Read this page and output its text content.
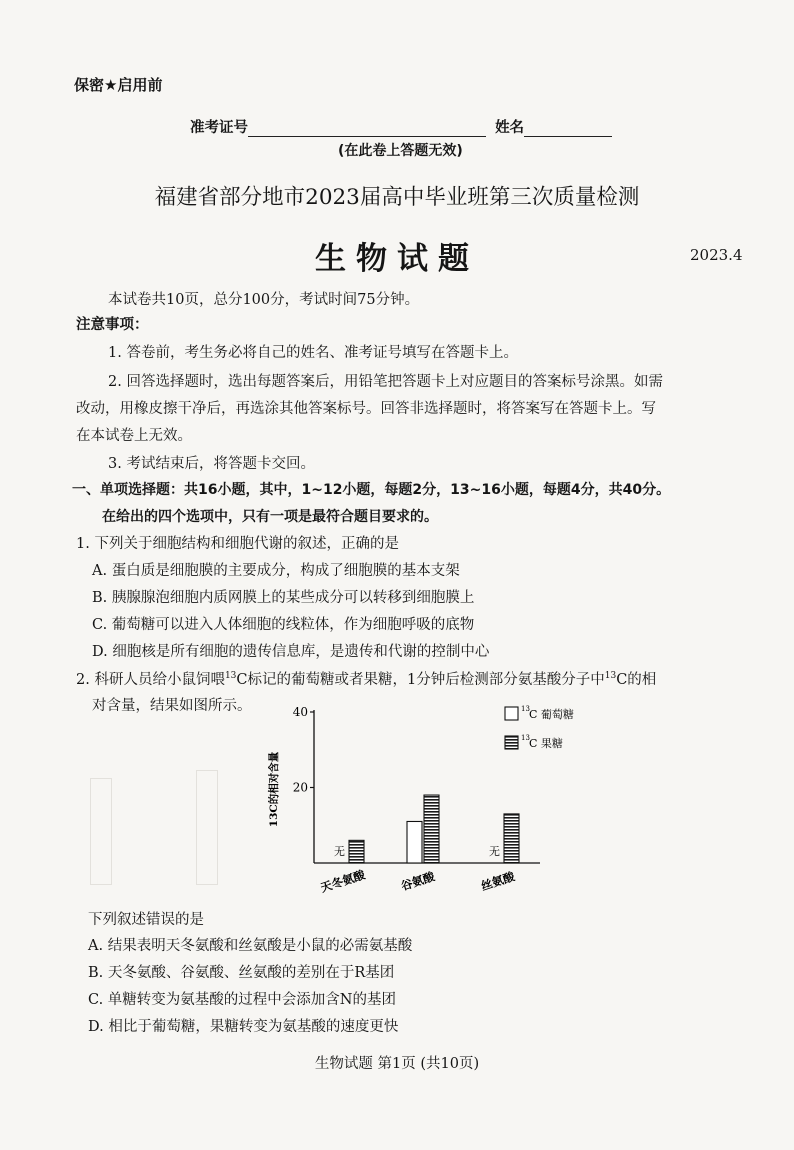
保密★启用前
准考证号	姓名
(在此卷上答题无效)
福建省部分地市2023届高中毕业班第三次质量检测
生物试题	2023.4
本试卷共10页，总分100分，考试时间75分钟。
注意事项：
1. 答卷前，考生务必将自己的姓名、准考证号填写在答题卡上。
2. 回答选择题时，选出每题答案后，用铅笔把答题卡上对应题目的答案标号涂黑。如需
改动，用橡皮擦干净后，再选涂其他答案标号。回答非选择题时，将答案写在答题卡上。写
在本试卷上无效。
3. 考试结束后，将答题卡交回。
一、单项选择题：共16小题，其中，1~12小题，每题2分，13~16小题，每题4分，共40分。
在给出的四个选项中，只有一项是最符合题目要求的。
1. 下列关于细胞结构和细胞代谢的叙述，正确的是
A. 蛋白质是细胞膜的主要成分，构成了细胞膜的基本支架
B. 胰腺腺泡细胞内质网膜上的某些成分可以转移到细胞膜上
C. 葡萄糖可以进入人体细胞的线粒体，作为细胞呼吸的底物
D. 细胞核是所有细胞的遗传信息库，是遗传和代谢的控制中心
2. 科研人员给小鼠饲喂$^{13}$C标记的葡萄糖或者果糖，1分钟后检测部分氨基酸分子中$^{13}$C的相
对含量，结果如图所示。	40
20
13C的相对含量
无
天冬氨酸	谷氨酸
无
丝氨酸
13 C 葡萄糖
13 C 果糖
下列叙述错误的是
A. 结果表明天冬氨酸和丝氨酸是小鼠的必需氨基酸
B. 天冬氨酸、谷氨酸、丝氨酸的差别在于R基团
C. 单糖转变为氨基酸的过程中会添加含N的基团
D. 相比于葡萄糖，果糖转变为氨基酸的速度更快
生物试题 第1页 (共10页)
